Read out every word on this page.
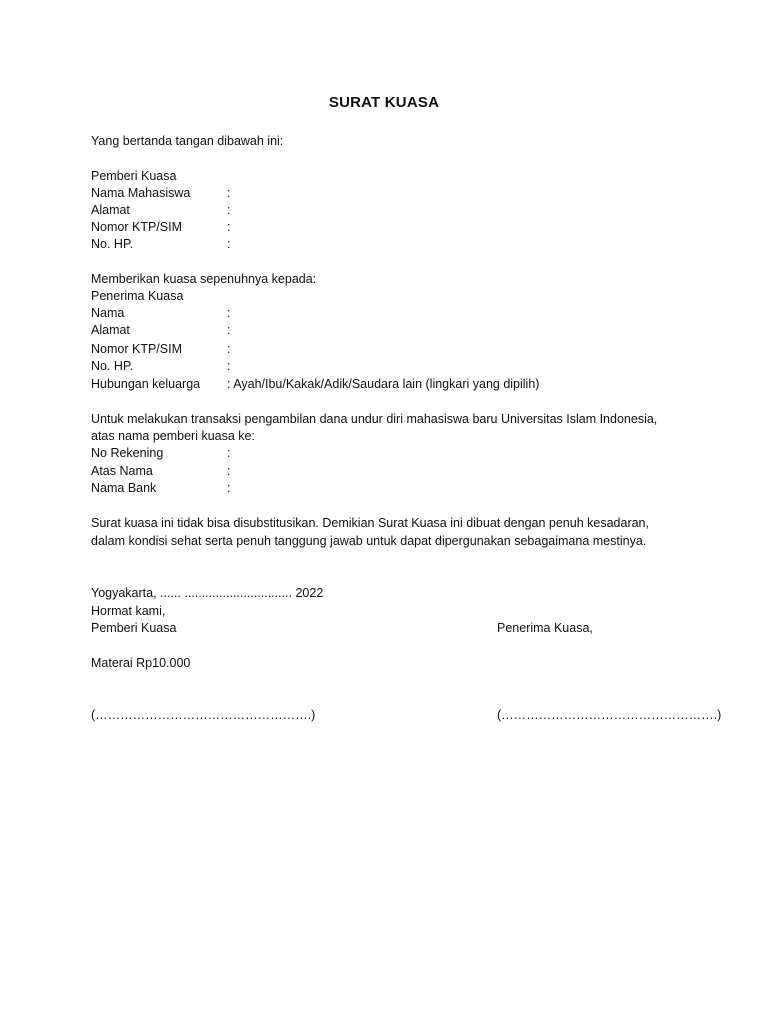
SURAT KUASA
Yang bertanda tangan dibawah ini:
Pemberi Kuasa
Nama Mahasiswa	:
Alamat	:
Nomor KTP/SIM	:
No. HP.	:
Memberikan kuasa sepenuhnya kepada:
Penerima Kuasa
Nama	:
Alamat	:
Nomor KTP/SIM	:
No. HP.	:
Hubungan keluarga : Ayah/Ibu/Kakak/Adik/Saudara lain (lingkari yang dipilih)
Untuk melakukan transaksi pengambilan dana undur diri mahasiswa baru Universitas Islam Indonesia,
atas nama pemberi kuasa ke:
No Rekening	:
Atas Nama	:
Nama Bank	:
Surat kuasa ini tidak bisa disubstitusikan. Demikian Surat Kuasa ini dibuat dengan penuh kesadaran,
dalam kondisi sehat serta penuh tanggung jawab untuk dapat dipergunakan sebagaimana mestinya.
Yogyakarta, ...... ............................... 2022
Hormat kami,
Pemberi Kuasa	Penerima Kuasa,
Materai Rp10.000
(…………………………………………….)	(…………………………………………….)
